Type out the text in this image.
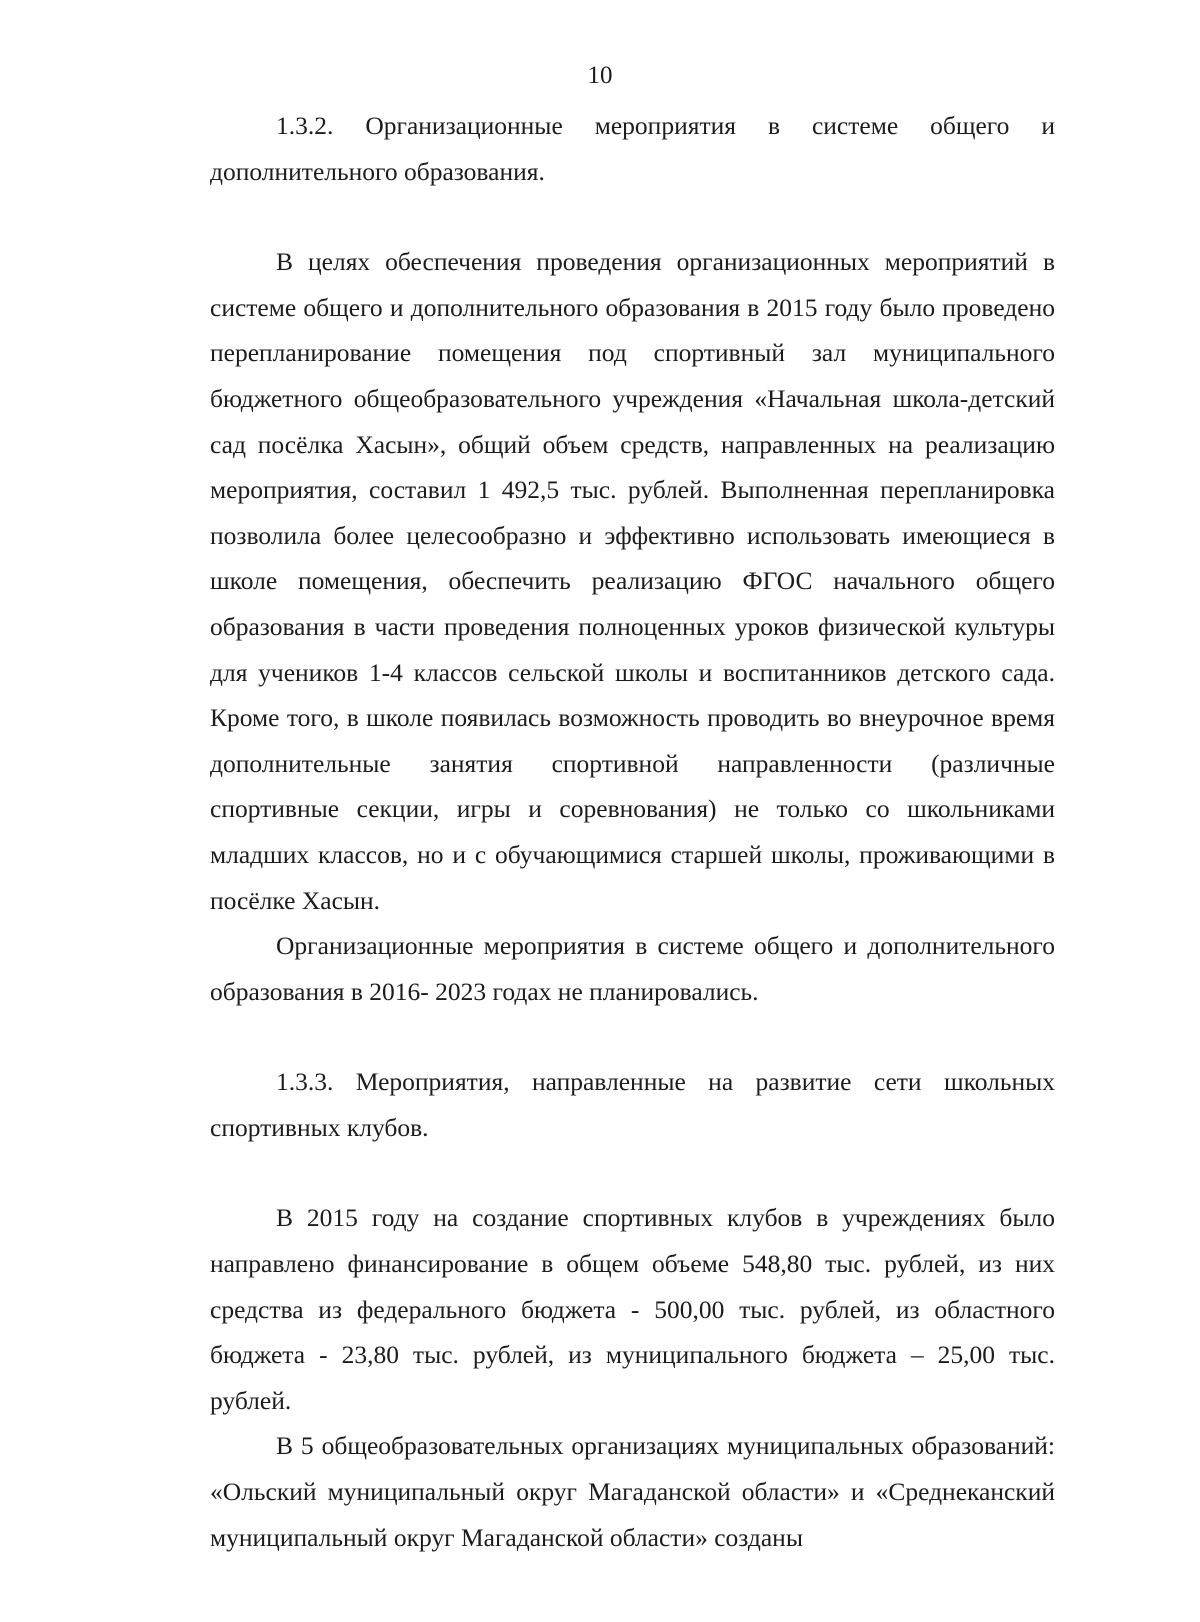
10

1.3.2. Организационные мероприятия в системе общего и дополнительного образования.

В целях обеспечения проведения организационных мероприятий в системе общего и дополнительного образования в 2015 году было проведено перепланирование помещения под спортивный зал муниципального бюджетного общеобразовательного учреждения «Начальная школа-детский сад посёлка Хасын», общий объем средств, направленных на реализацию мероприятия, составил 1 492,5 тыс. рублей. Выполненная перепланировка позволила более целесообразно и эффективно использовать имеющиеся в школе помещения, обеспечить реализацию ФГОС начального общего образования в части проведения полноценных уроков физической культуры для учеников 1-4 классов сельской школы и воспитанников детского сада. Кроме того, в школе появилась возможность проводить во внеурочное время дополнительные занятия спортивной направленности (различные спортивные секции, игры и соревнования) не только со школьниками младших классов, но и с обучающимися старшей школы, проживающими в посёлке Хасын.

Организационные мероприятия в системе общего и дополнительного образования в 2016- 2023 годах не планировались.

1.3.3. Мероприятия, направленные на развитие сети школьных спортивных клубов.

В 2015 году на создание спортивных клубов в учреждениях было направлено финансирование в общем объеме 548,80 тыс. рублей, из них средства из федерального бюджета - 500,00 тыс. рублей, из областного бюджета - 23,80 тыс. рублей, из муниципального бюджета – 25,00 тыс. рублей.

В 5 общеобразовательных организациях муниципальных образований: «Ольский муниципальный округ Магаданской области» и «Среднеканский муниципальный округ Магаданской области» созданы
